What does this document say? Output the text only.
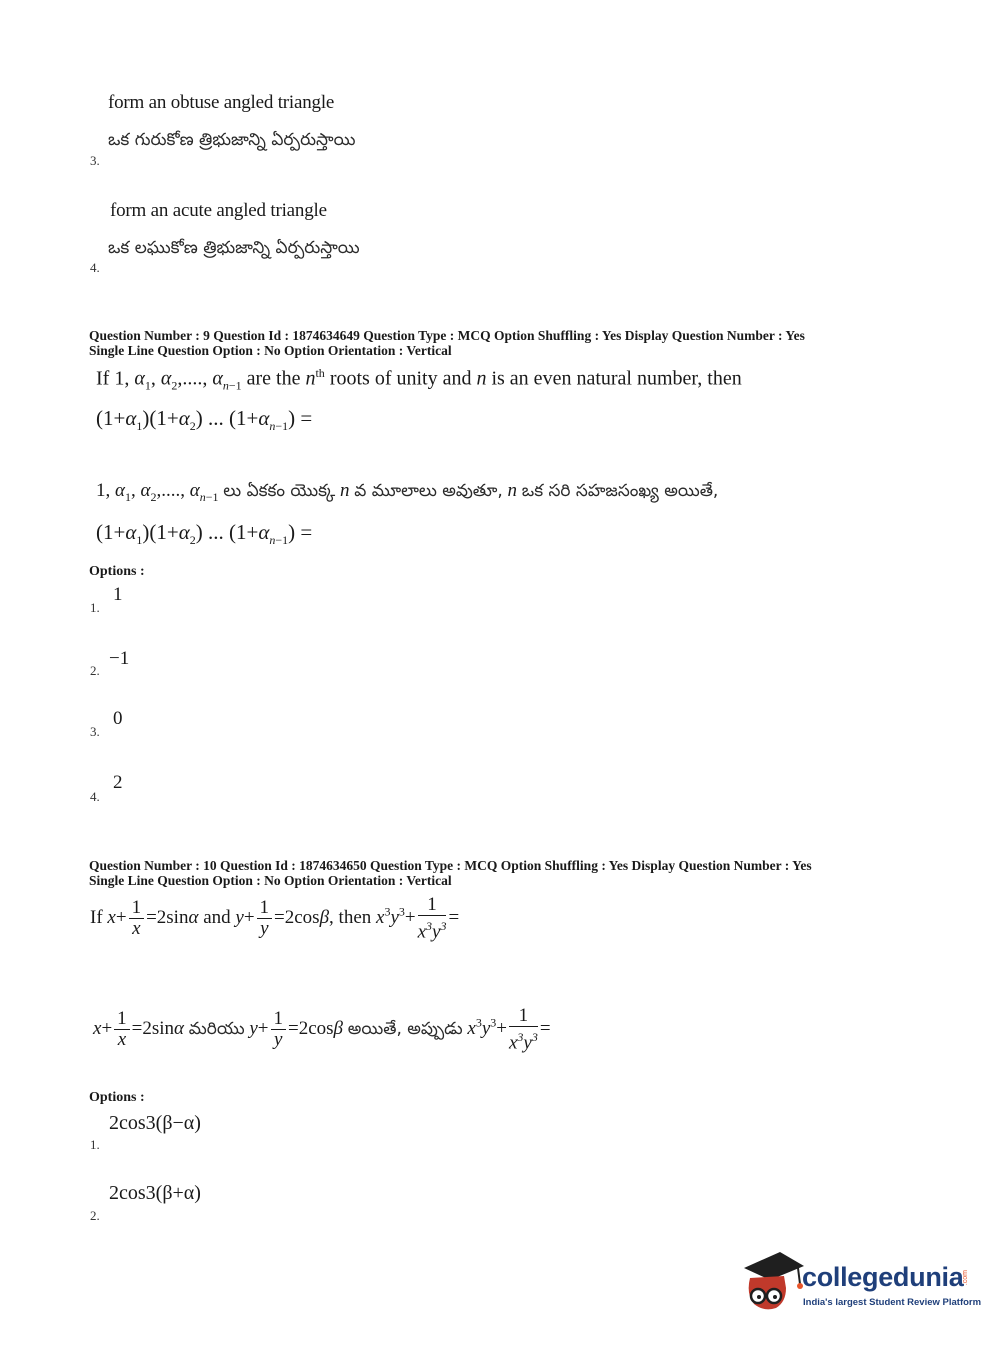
form an obtuse angled triangle
ఒక గురుకోణ త్రిభుజాన్ని ఏర్పరుస్తాయి
3.
form an acute angled triangle
ఒక లఘుకోణ త్రిభుజాన్ని ఏర్పరుస్తాయి
4.
Question Number : 9 Question Id : 1874634649 Question Type : MCQ Option Shuffling : Yes Display Question Number : Yes
Single Line Question Option : No Option Orientation : Vertical
If 1, $\alpha_1$, $\alpha_2$,...., $\alpha_{n-1}$ are the $n^{th}$ roots of unity and n is an even natural number, then
$(1+\alpha_1)(1+\alpha_2)$ ... $(1+\alpha_{n-1})$ =
1, $\alpha_1$, $\alpha_2$,...., $\alpha_{n-1}$ లు ఏకకం యొక్క n వ మూలాలు అవుతూ, n ఒక సరి సహజసంఖ్య అయితే,
$(1+\alpha_1)(1+\alpha_2)$ ... $(1+\alpha_{n-1})$ =
Options :
1.
1
2.
−1
3.
0
4.
2
Question Number : 10 Question Id : 1874634650 Question Type : MCQ Option Shuffling : Yes Display Question Number : Yes
Single Line Question Option : No Option Orientation : Vertical
If $x+ \frac{1}{x} =2\sin\alpha$ and $y+ \frac{1}{y} =2\cos\beta$, then $x^3y^3+ \frac{1}{x^3y^3}$ =
$x+ \frac{1}{x} =2\sin\alpha$ మరియు $y+ \frac{1}{y} =2\cos\beta$ అయితే, అప్పుడు $x^3y^3+ \frac{1}{x^3y^3}$ =
Options :
1.
2cos3(β−α)
2.
2cos3(β+α)
collegedunia
.com
India's largest Student Review Platform
